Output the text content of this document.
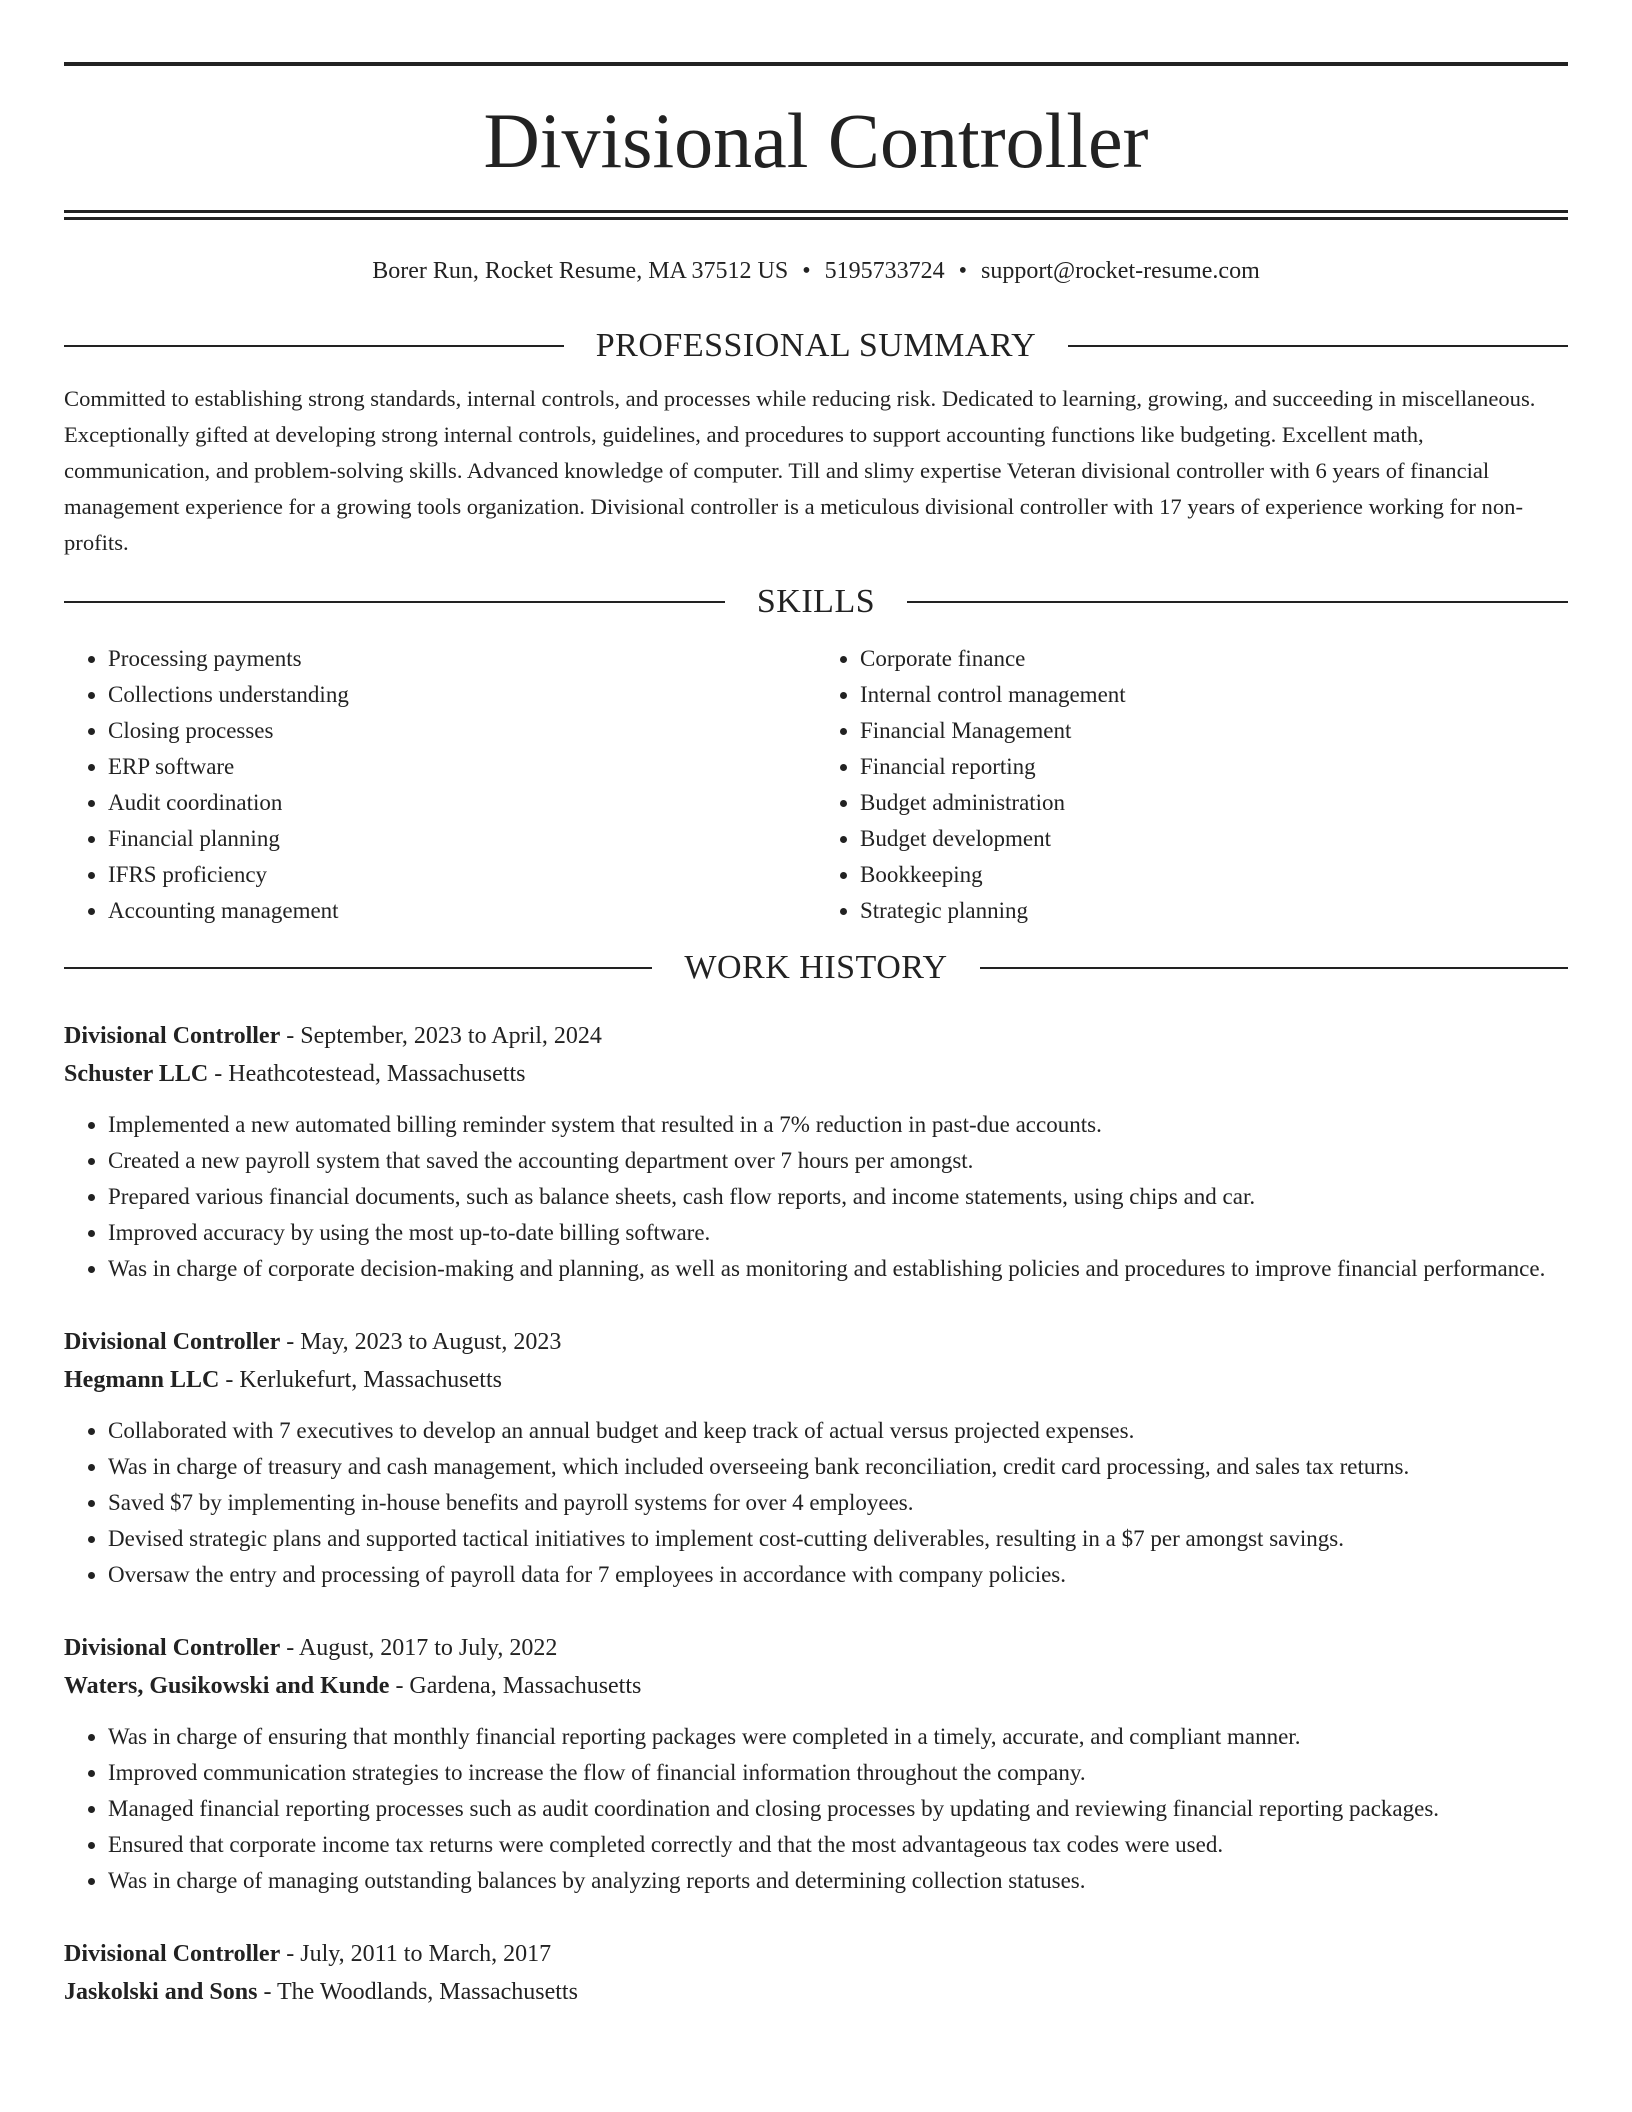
Divisional Controller
Borer Run, Rocket Resume, MA 37512 US • 5195733724 • support@rocket-resume.com
PROFESSIONAL SUMMARY

Committed to establishing strong standards, internal controls, and processes while reducing risk. Dedicated to learning, growing, and succeeding in miscellaneous. Exceptionally gifted at developing strong internal controls, guidelines, and procedures to support accounting functions like budgeting. Excellent math, communication, and problem-solving skills. Advanced knowledge of computer. Till and slimy expertise Veteran divisional controller with 6 years of financial management experience for a growing tools organization. Divisional controller is a meticulous divisional controller with 17 years of experience working for non-profits.

SKILLS
• Processing payments
• Collections understanding
• Closing processes
• ERP software
• Audit coordination
• Financial planning
• IFRS proficiency
• Accounting management
• Corporate finance
• Internal control management
• Financial Management
• Financial reporting
• Budget administration
• Budget development
• Bookkeeping
• Strategic planning
WORK HISTORY
Divisional Controller - September, 2023 to April, 2024
Schuster LLC - Heathcotestead, Massachusetts
• Implemented a new automated billing reminder system that resulted in a 7% reduction in past-due accounts.
• Created a new payroll system that saved the accounting department over 7 hours per amongst.
• Prepared various financial documents, such as balance sheets, cash flow reports, and income statements, using chips and car.
• Improved accuracy by using the most up-to-date billing software.
• Was in charge of corporate decision-making and planning, as well as monitoring and establishing policies and procedures to improve financial performance.
Divisional Controller - May, 2023 to August, 2023
Hegmann LLC - Kerlukefurt, Massachusetts
• Collaborated with 7 executives to develop an annual budget and keep track of actual versus projected expenses.
• Was in charge of treasury and cash management, which included overseeing bank reconciliation, credit card processing, and sales tax returns.
• Saved $7 by implementing in-house benefits and payroll systems for over 4 employees.
• Devised strategic plans and supported tactical initiatives to implement cost-cutting deliverables, resulting in a $7 per amongst savings.
• Oversaw the entry and processing of payroll data for 7 employees in accordance with company policies.
Divisional Controller - August, 2017 to July, 2022
Waters, Gusikowski and Kunde - Gardena, Massachusetts
• Was in charge of ensuring that monthly financial reporting packages were completed in a timely, accurate, and compliant manner.
• Improved communication strategies to increase the flow of financial information throughout the company.
• Managed financial reporting processes such as audit coordination and closing processes by updating and reviewing financial reporting packages.
• Ensured that corporate income tax returns were completed correctly and that the most advantageous tax codes were used.
• Was in charge of managing outstanding balances by analyzing reports and determining collection statuses.
Divisional Controller - July, 2011 to March, 2017
Jaskolski and Sons - The Woodlands, Massachusetts
